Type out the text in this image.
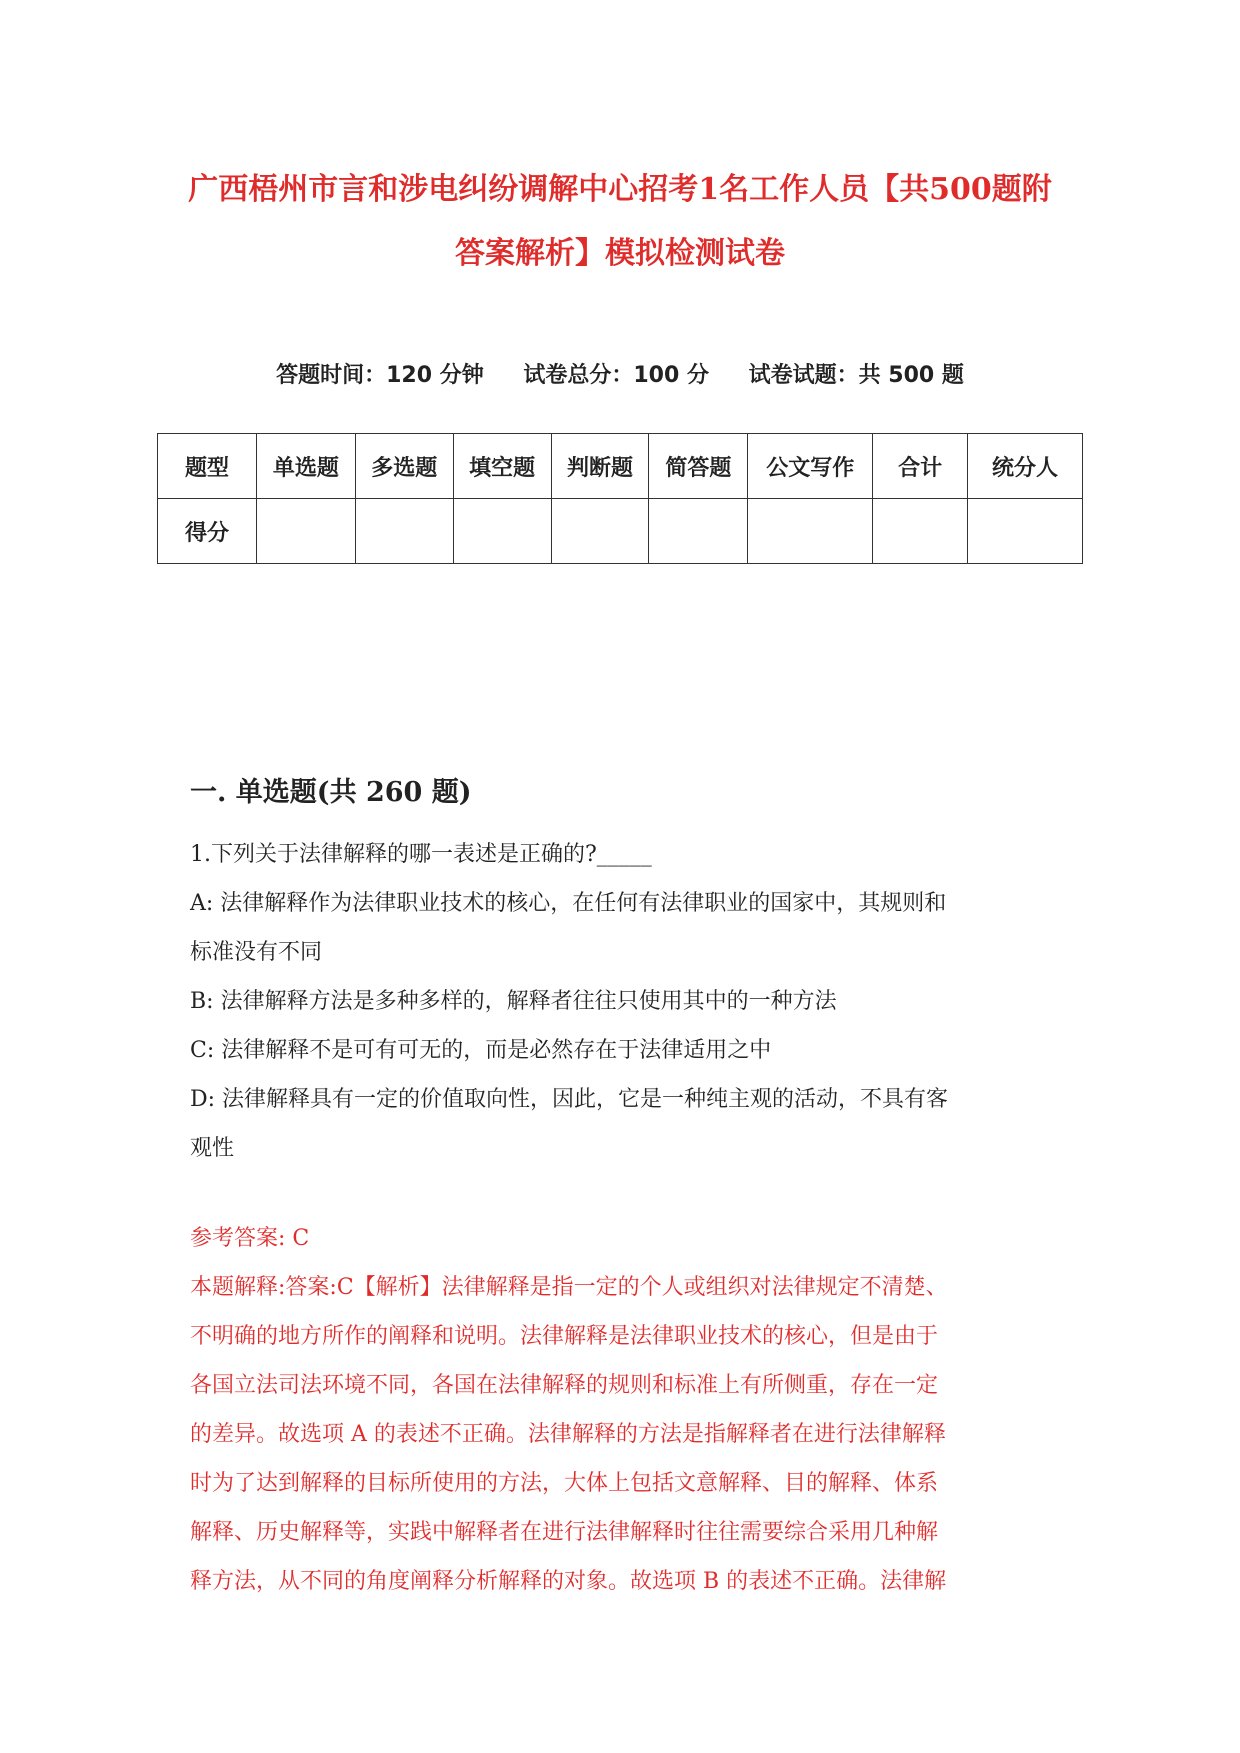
广西梧州市言和涉电纠纷调解中心招考1名工作人员【共500题附
答案解析】模拟检测试卷
答题时间：120 分钟 试卷总分：100 分 试卷试题：共 500 题
题型	单选题	多选题	填空题	判断题	简答题	公文写作	合计	统分人
得分								
一. 单选题(共 260 题)
1.下列关于法律解释的哪一表述是正确的?_____
A: 法律解释作为法律职业技术的核心，在任何有法律职业的国家中，其规则和
标准没有不同
B: 法律解释方法是多种多样的，解释者往往只使用其中的一种方法
C: 法律解释不是可有可无的，而是必然存在于法律适用之中
D: 法律解释具有一定的价值取向性，因此，它是一种纯主观的活动，不具有客
观性
参考答案: C
本题解释:答案:C【解析】法律解释是指一定的个人或组织对法律规定不清楚、
不明确的地方所作的阐释和说明。法律解释是法律职业技术的核心，但是由于
各国立法司法环境不同，各国在法律解释的规则和标准上有所侧重，存在一定
的差异。故选项 A 的表述不正确。法律解释的方法是指解释者在进行法律解释
时为了达到解释的目标所使用的方法，大体上包括文意解释、目的解释、体系
解释、历史解释等，实践中解释者在进行法律解释时往往需要综合采用几种解
释方法，从不同的角度阐释分析解释的对象。故选项 B 的表述不正确。法律解
